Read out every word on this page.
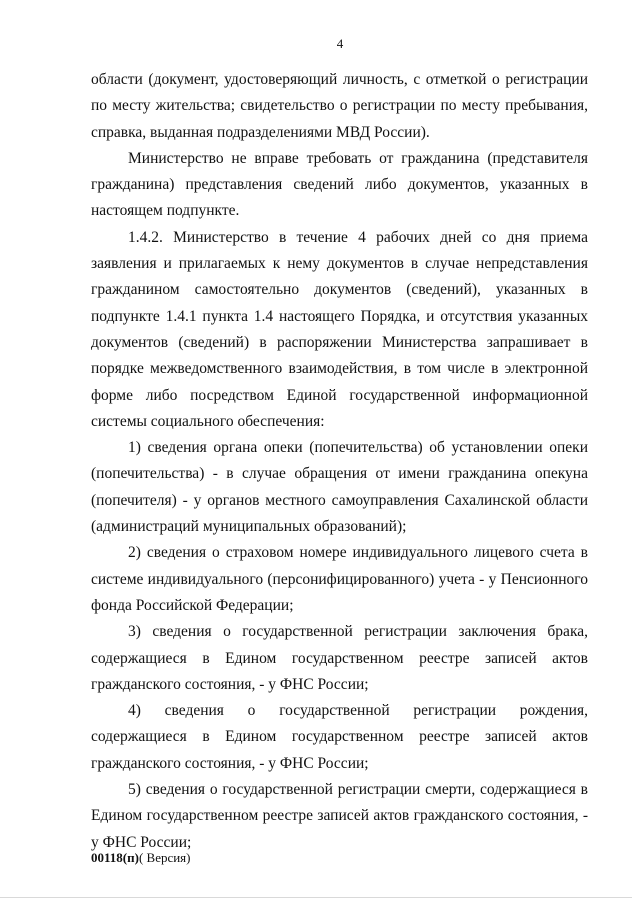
4

области (документ, удостоверяющий личность, с отметкой о регистрации по месту жительства; свидетельство о регистрации по месту пребывания, справка, выданная подразделениями МВД России).

Министерство не вправе требовать от гражданина (представителя гражданина) представления сведений либо документов, указанных в настоящем подпункте.

1.4.2. Министерство в течение 4 рабочих дней со дня приема заявления и прилагаемых к нему документов в случае непредставления гражданином самостоятельно документов (сведений), указанных в подпункте 1.4.1 пункта 1.4 настоящего Порядка, и отсутствия указанных документов (сведений) в распоряжении Министерства запрашивает в порядке межведомственного взаимодействия, в том числе в электронной форме либо посредством Единой государственной информационной системы социального обеспечения:

1) сведения органа опеки (попечительства) об установлении опеки (попечительства) - в случае обращения от имени гражданина опекуна (попечителя) - у органов местного самоуправления Сахалинской области (администраций муниципальных образований);

2) сведения о страховом номере индивидуального лицевого счета в системе индивидуального (персонифицированного) учета - у Пенсионного фонда Российской Федерации;

3) сведения о государственной регистрации заключения брака, содержащиеся в Едином государственном реестре записей актов гражданского состояния, - у ФНС России;

4) сведения о государственной регистрации рождения, содержащиеся в Едином государственном реестре записей актов гражданского состояния, - у ФНС России;

5) сведения о государственной регистрации смерти, содержащиеся в Едином государственном реестре записей актов гражданского состояния, - у ФНС России;

00118(п)( Версия)
